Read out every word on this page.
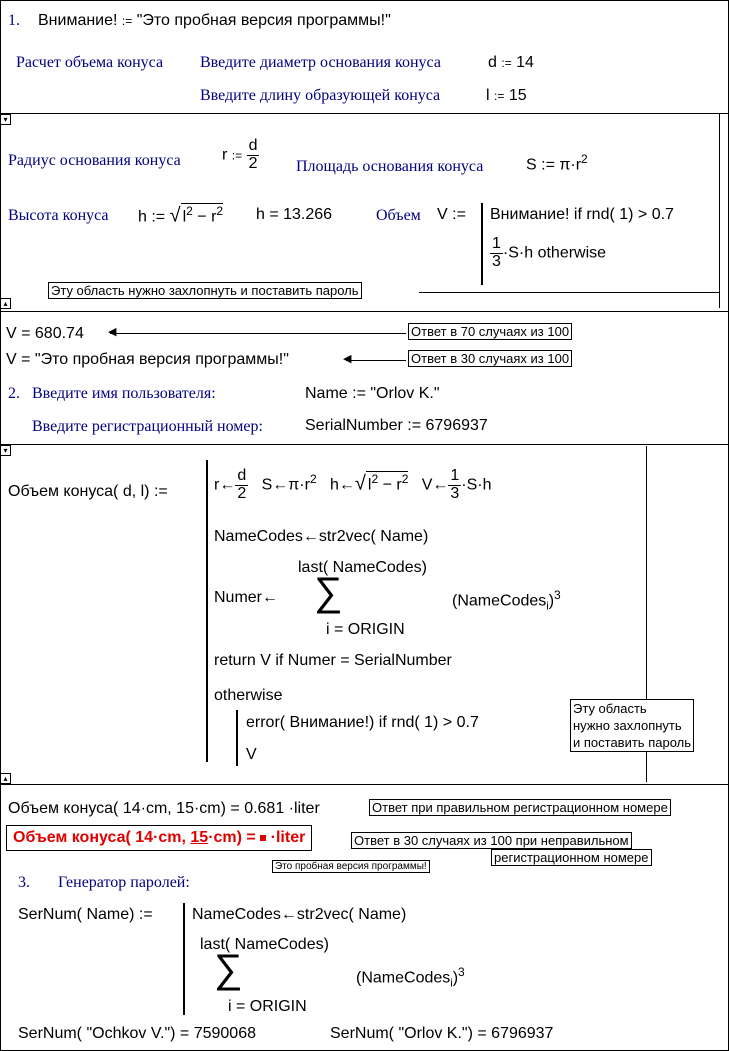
1. Внимание! := "Это пробная версия программы!"
Расчет объема конуса Введите диаметр основания конуса	d := 14
Введите длину образующей конуса	l := 15
▾
Радиус основания конуса	r := $\frac{d}{2}$ Площадь основания конуса	S := $\pi\cdot r^2$
Высота конуса h := √ $l^2 - r^2$ h = 13.266	Объем V := Внимание! if rnd( 1) > 0.7
$\frac{1}{3} \cdot S\cdot h$ otherwise
Эту область нужно захлопнуть и поставить пароль
▴
V = 680.74 ◀	Ответ в 70 случаях из 100
V = "Это пробная версия программы!"	◀	Ответ в 30 случаях из 100
2. Введите имя пользователя:	Name := "Orlov K."
Введите регистрационный номер:	SerialNumber := 6796937
▾
Объем конуса( d, l) :=	r← $\frac{d}{2}$ $S\leftarrow\pi\cdot r^2$ h←√ $l^2 - r^2$ V← $\frac{1}{3} \cdot S\cdot h$
NameCodes←str2vec( Name)
last( NameCodes)
Numer← ∑
i = ORIGIN
(NameCodes$_i$)$^3$
return V if Numer = SerialNumber
otherwise
error( Внимание!) if rnd( 1) > 0.7
V
Эту область
нужно захлопнуть
и поставить пароль
▴
Объем конуса( 14·cm, 15·cm) = 0.681 ·liter	Ответ при правильном регистрационном номере
Объем конуса( 14·cm, 15·cm) =  ·liter	Ответ в 30 случаях из 100 при неправильном
регистрационном номере
Это пробная версия программы!
3. Генератор паролей:
SerNum( Name) := NameCodes←str2vec( Name)
last( NameCodes)
∑
i = ORIGIN
(NameCodes$_i$)$^3$
SerNum( "Ochkov V.") = 7590068	SerNum( "Orlov K.") = 6796937
